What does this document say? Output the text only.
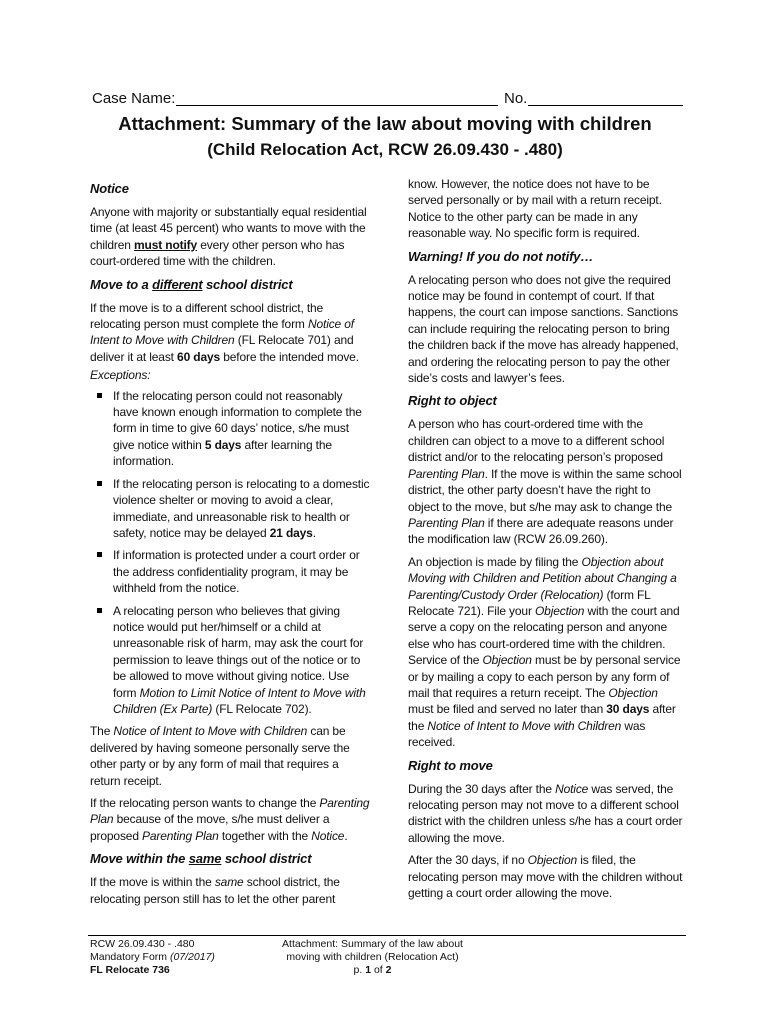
Case Name:	No.
Attachment: Summary of the law about moving with children
(Child Relocation Act, RCW 26.09.430 - .480)
Notice
Anyone with majority or substantially equal residential time (at least 45 percent) who wants to move with the children must notify every other person who has court-ordered time with the children.
Move to a different school district
If the move is to a different school district, the relocating person must complete the form Notice of Intent to Move with Children (FL Relocate 701) and deliver it at least 60 days before the intended move.
Exceptions:
If the relocating person could not reasonably have known enough information to complete the form in time to give 60 days’ notice, s/he must give notice within 5 days after learning the information.
If the relocating person is relocating to a domestic violence shelter or moving to avoid a clear, immediate, and unreasonable risk to health or safety, notice may be delayed 21 days.
If information is protected under a court order or the address confidentiality program, it may be withheld from the notice.
A relocating person who believes that giving notice would put her/himself or a child at unreasonable risk of harm, may ask the court for permission to leave things out of the notice or to be allowed to move without giving notice. Use form Motion to Limit Notice of Intent to Move with Children (Ex Parte) (FL Relocate 702).
The Notice of Intent to Move with Children can be delivered by having someone personally serve the other party or by any form of mail that requires a return receipt.
If the relocating person wants to change the Parenting Plan because of the move, s/he must deliver a proposed Parenting Plan together with the Notice.
Move within the same school district
If the move is within the same school district, the relocating person still has to let the other parent
know. However, the notice does not have to be served personally or by mail with a return receipt. Notice to the other party can be made in any reasonable way. No specific form is required.
Warning! If you do not notify…
A relocating person who does not give the required notice may be found in contempt of court. If that happens, the court can impose sanctions. Sanctions can include requiring the relocating person to bring the children back if the move has already happened, and ordering the relocating person to pay the other side’s costs and lawyer’s fees.
Right to object
A person who has court-ordered time with the children can object to a move to a different school district and/or to the relocating person’s proposed Parenting Plan. If the move is within the same school district, the other party doesn’t have the right to object to the move, but s/he may ask to change the Parenting Plan if there are adequate reasons under the modification law (RCW 26.09.260).
An objection is made by filing the Objection about Moving with Children and Petition about Changing a Parenting/Custody Order (Relocation) (form FL Relocate 721). File your Objection with the court and serve a copy on the relocating person and anyone else who has court-ordered time with the children. Service of the Objection must be by personal service or by mailing a copy to each person by any form of mail that requires a return receipt. The Objection must be filed and served no later than 30 days after the Notice of Intent to Move with Children was received.
Right to move
During the 30 days after the Notice was served, the relocating person may not move to a different school district with the children unless s/he has a court order allowing the move.
After the 30 days, if no Objection is filed, the relocating person may move with the children without getting a court order allowing the move.
RCW 26.09.430 - .480
Mandatory Form (07/2017)
FL Relocate 736
Attachment: Summary of the law about
moving with children (Relocation Act)
p. 1 of 2
